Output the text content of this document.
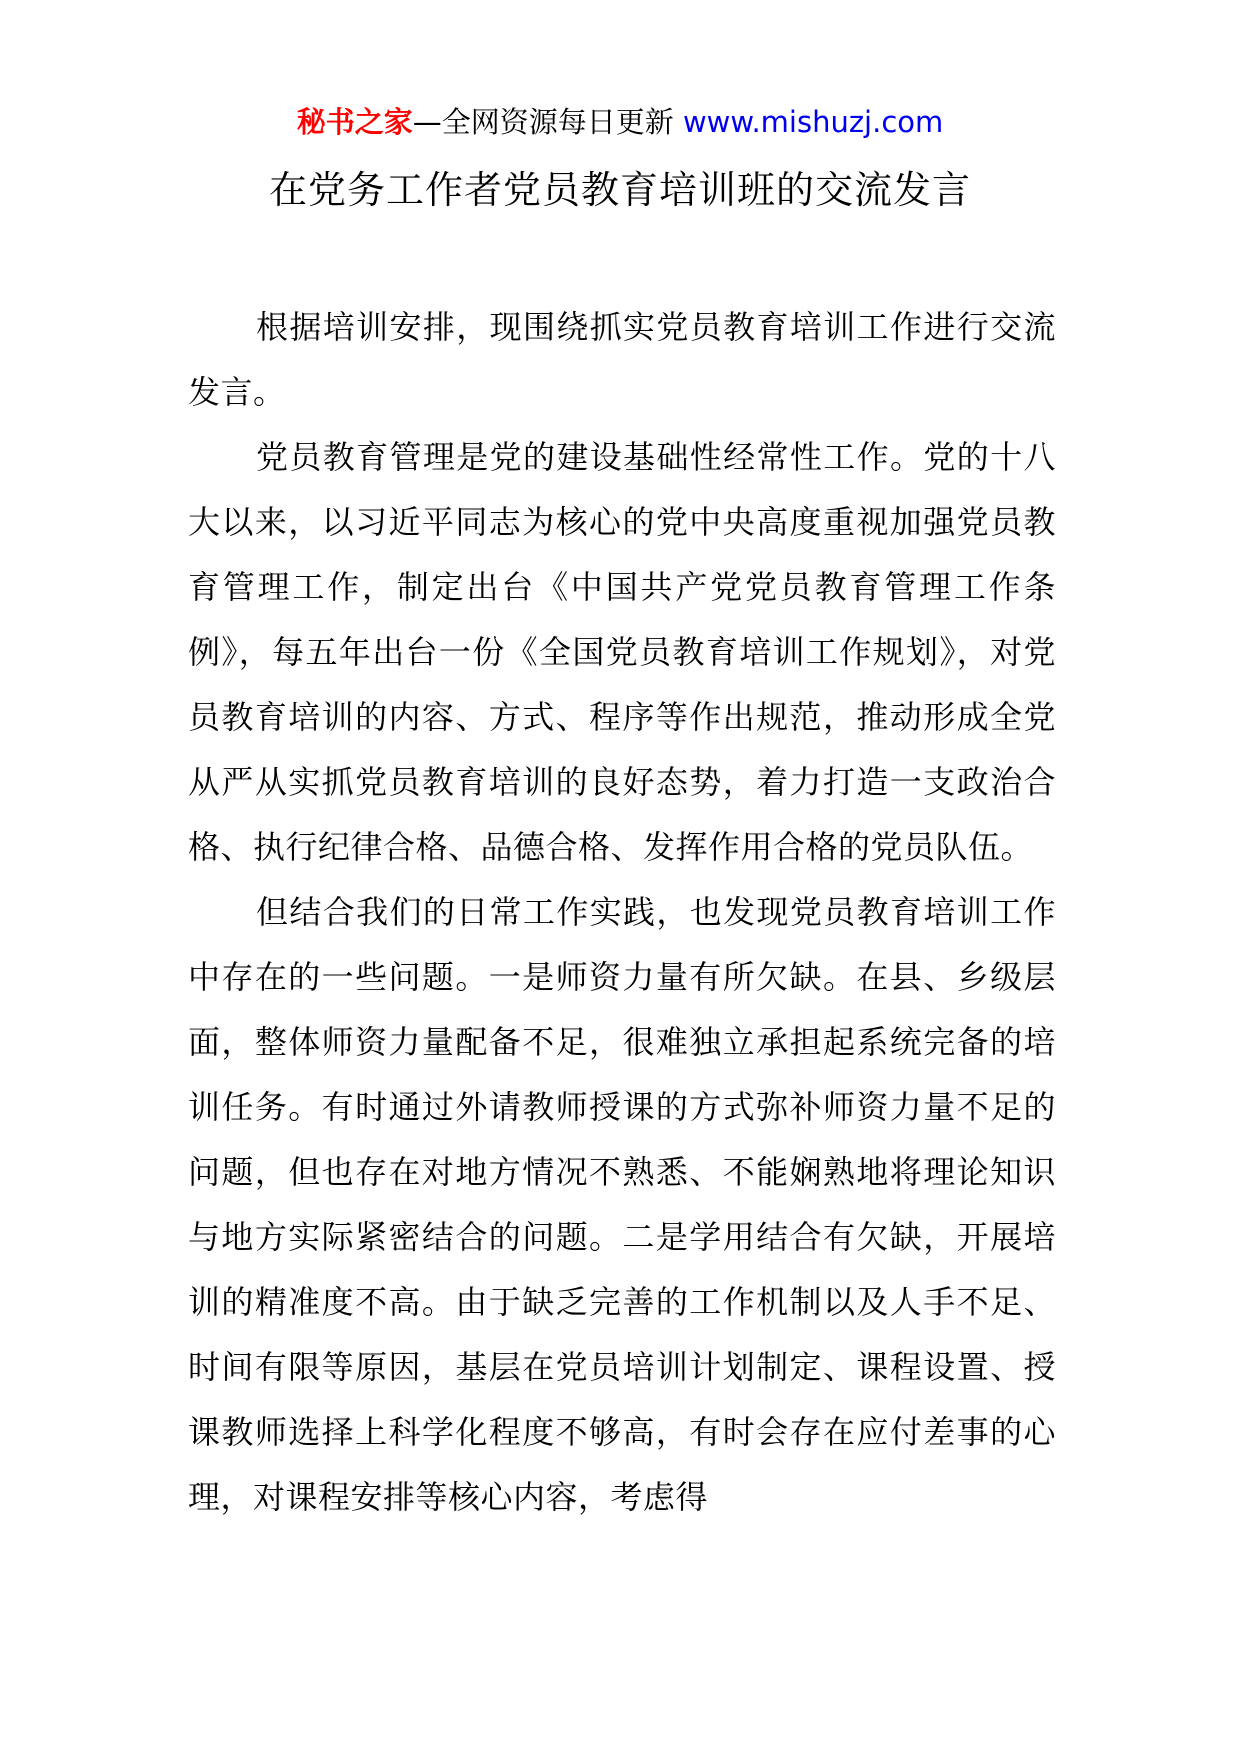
秘书之家—全网资源每日更新 www.mishuzj.com
在党务工作者党员教育培训班的交流发言

根据培训安排，现围绕抓实党员教育培训工作进行交流发言。

党员教育管理是党的建设基础性经常性工作。党的十八大以来，以习近平同志为核心的党中央高度重视加强党员教育管理工作，制定出台《中国共产党党员教育管理工作条例》，每五年出台一份《全国党员教育培训工作规划》，对党员教育培训的内容、方式、程序等作出规范，推动形成全党从严从实抓党员教育培训的良好态势，着力打造一支政治合格、执行纪律合格、品德合格、发挥作用合格的党员队伍。

但结合我们的日常工作实践，也发现党员教育培训工作中存在的一些问题。一是师资力量有所欠缺。在县、乡级层面，整体师资力量配备不足，很难独立承担起系统完备的培训任务。有时通过外请教师授课的方式弥补师资力量不足的问题，但也存在对地方情况不熟悉、不能娴熟地将理论知识与地方实际紧密结合的问题。二是学用结合有欠缺，开展培训的精准度不高。由于缺乏完善的工作机制以及人手不足、时间有限等原因，基层在党员培训计划制定、课程设置、授课教师选择上科学化程度不够高，有时会存在应付差事的心理，对课程安排等核心内容，考虑得
